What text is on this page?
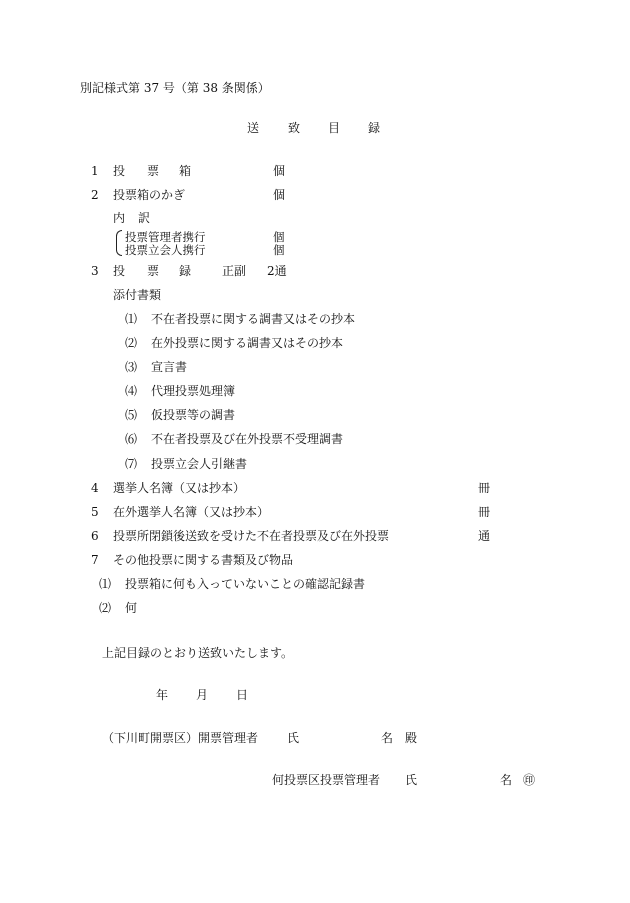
別記様式第 37 号（第 38 条関係）
送 致 目 録
1 投 票 箱	個
2 投票箱のかぎ	個
内 訳
投票管理者携行	個
投票立会人携行	個
3 投 票 録	正副 2通
添付書類
⑴ 不在者投票に関する調書又はその抄本
⑵ 在外投票に関する調書又はその抄本
⑶ 宣言書
⑷ 代理投票処理簿
⑸ 仮投票等の調書
⑹ 不在者投票及び在外投票不受理調書
⑺ 投票立会人引継書
4 選挙人名簿（又は抄本）	冊
5 在外選挙人名簿（又は抄本）	冊
6 投票所閉鎖後送致を受けた不在者投票及び在外投票	通
7 その他投票に関する書類及び物品
⑴ 投票箱に何も入っていないことの確認記録書
⑵ 何
上記目録のとおり送致いたします。
年 月 日
（下川町開票区）開票管理者 氏	名 殿
何投票区投票管理者 氏	名 ㊞
